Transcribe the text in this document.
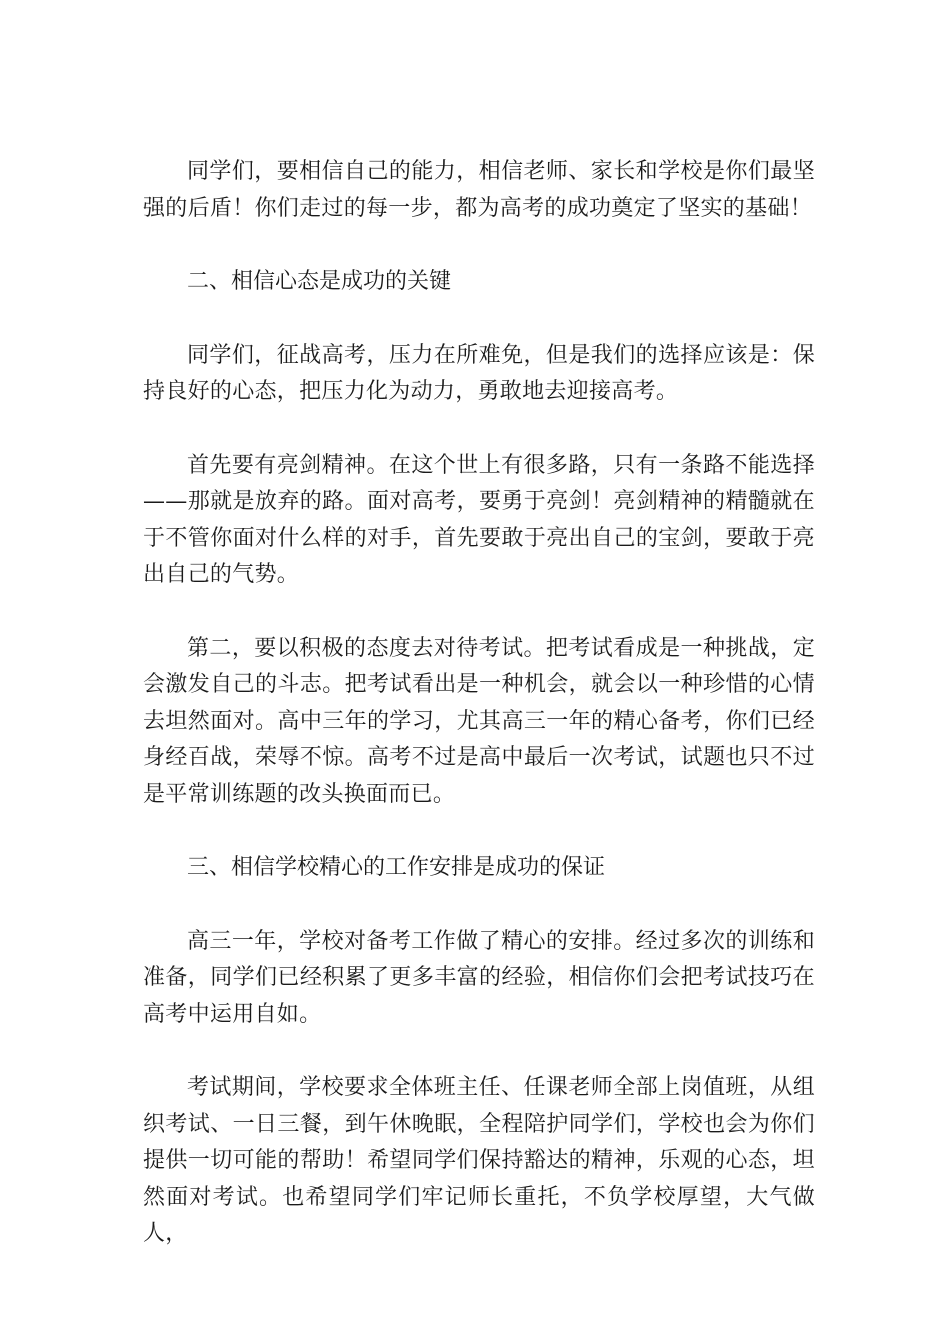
同学们，要相信自己的能力，相信老师、家长和学校是你们最坚强的后盾！你们走过的每一步，都为高考的成功奠定了坚实的基础！

二、相信心态是成功的关键

同学们，征战高考，压力在所难免，但是我们的选择应该是：保持良好的心态，把压力化为动力，勇敢地去迎接高考。

首先要有亮剑精神。在这个世上有很多路，只有一条路不能选择——那就是放弃的路。面对高考，要勇于亮剑！亮剑精神的精髓就在于不管你面对什么样的对手，首先要敢于亮出自己的宝剑，要敢于亮出自己的气势。

第二，要以积极的态度去对待考试。把考试看成是一种挑战，定会激发自己的斗志。把考试看出是一种机会，就会以一种珍惜的心情去坦然面对。高中三年的学习，尤其高三一年的精心备考，你们已经身经百战，荣辱不惊。高考不过是高中最后一次考试，试题也只不过是平常训练题的改头换面而已。

三、相信学校精心的工作安排是成功的保证

高三一年，学校对备考工作做了精心的安排。经过多次的训练和准备，同学们已经积累了更多丰富的经验，相信你们会把考试技巧在高考中运用自如。

考试期间，学校要求全体班主任、任课老师全部上岗值班，从组织考试、一日三餐，到午休晚眠，全程陪护同学们，学校也会为你们提供一切可能的帮助！希望同学们保持豁达的精神，乐观的心态，坦然面对考试。也希望同学们牢记师长重托，不负学校厚望，大气做人，
